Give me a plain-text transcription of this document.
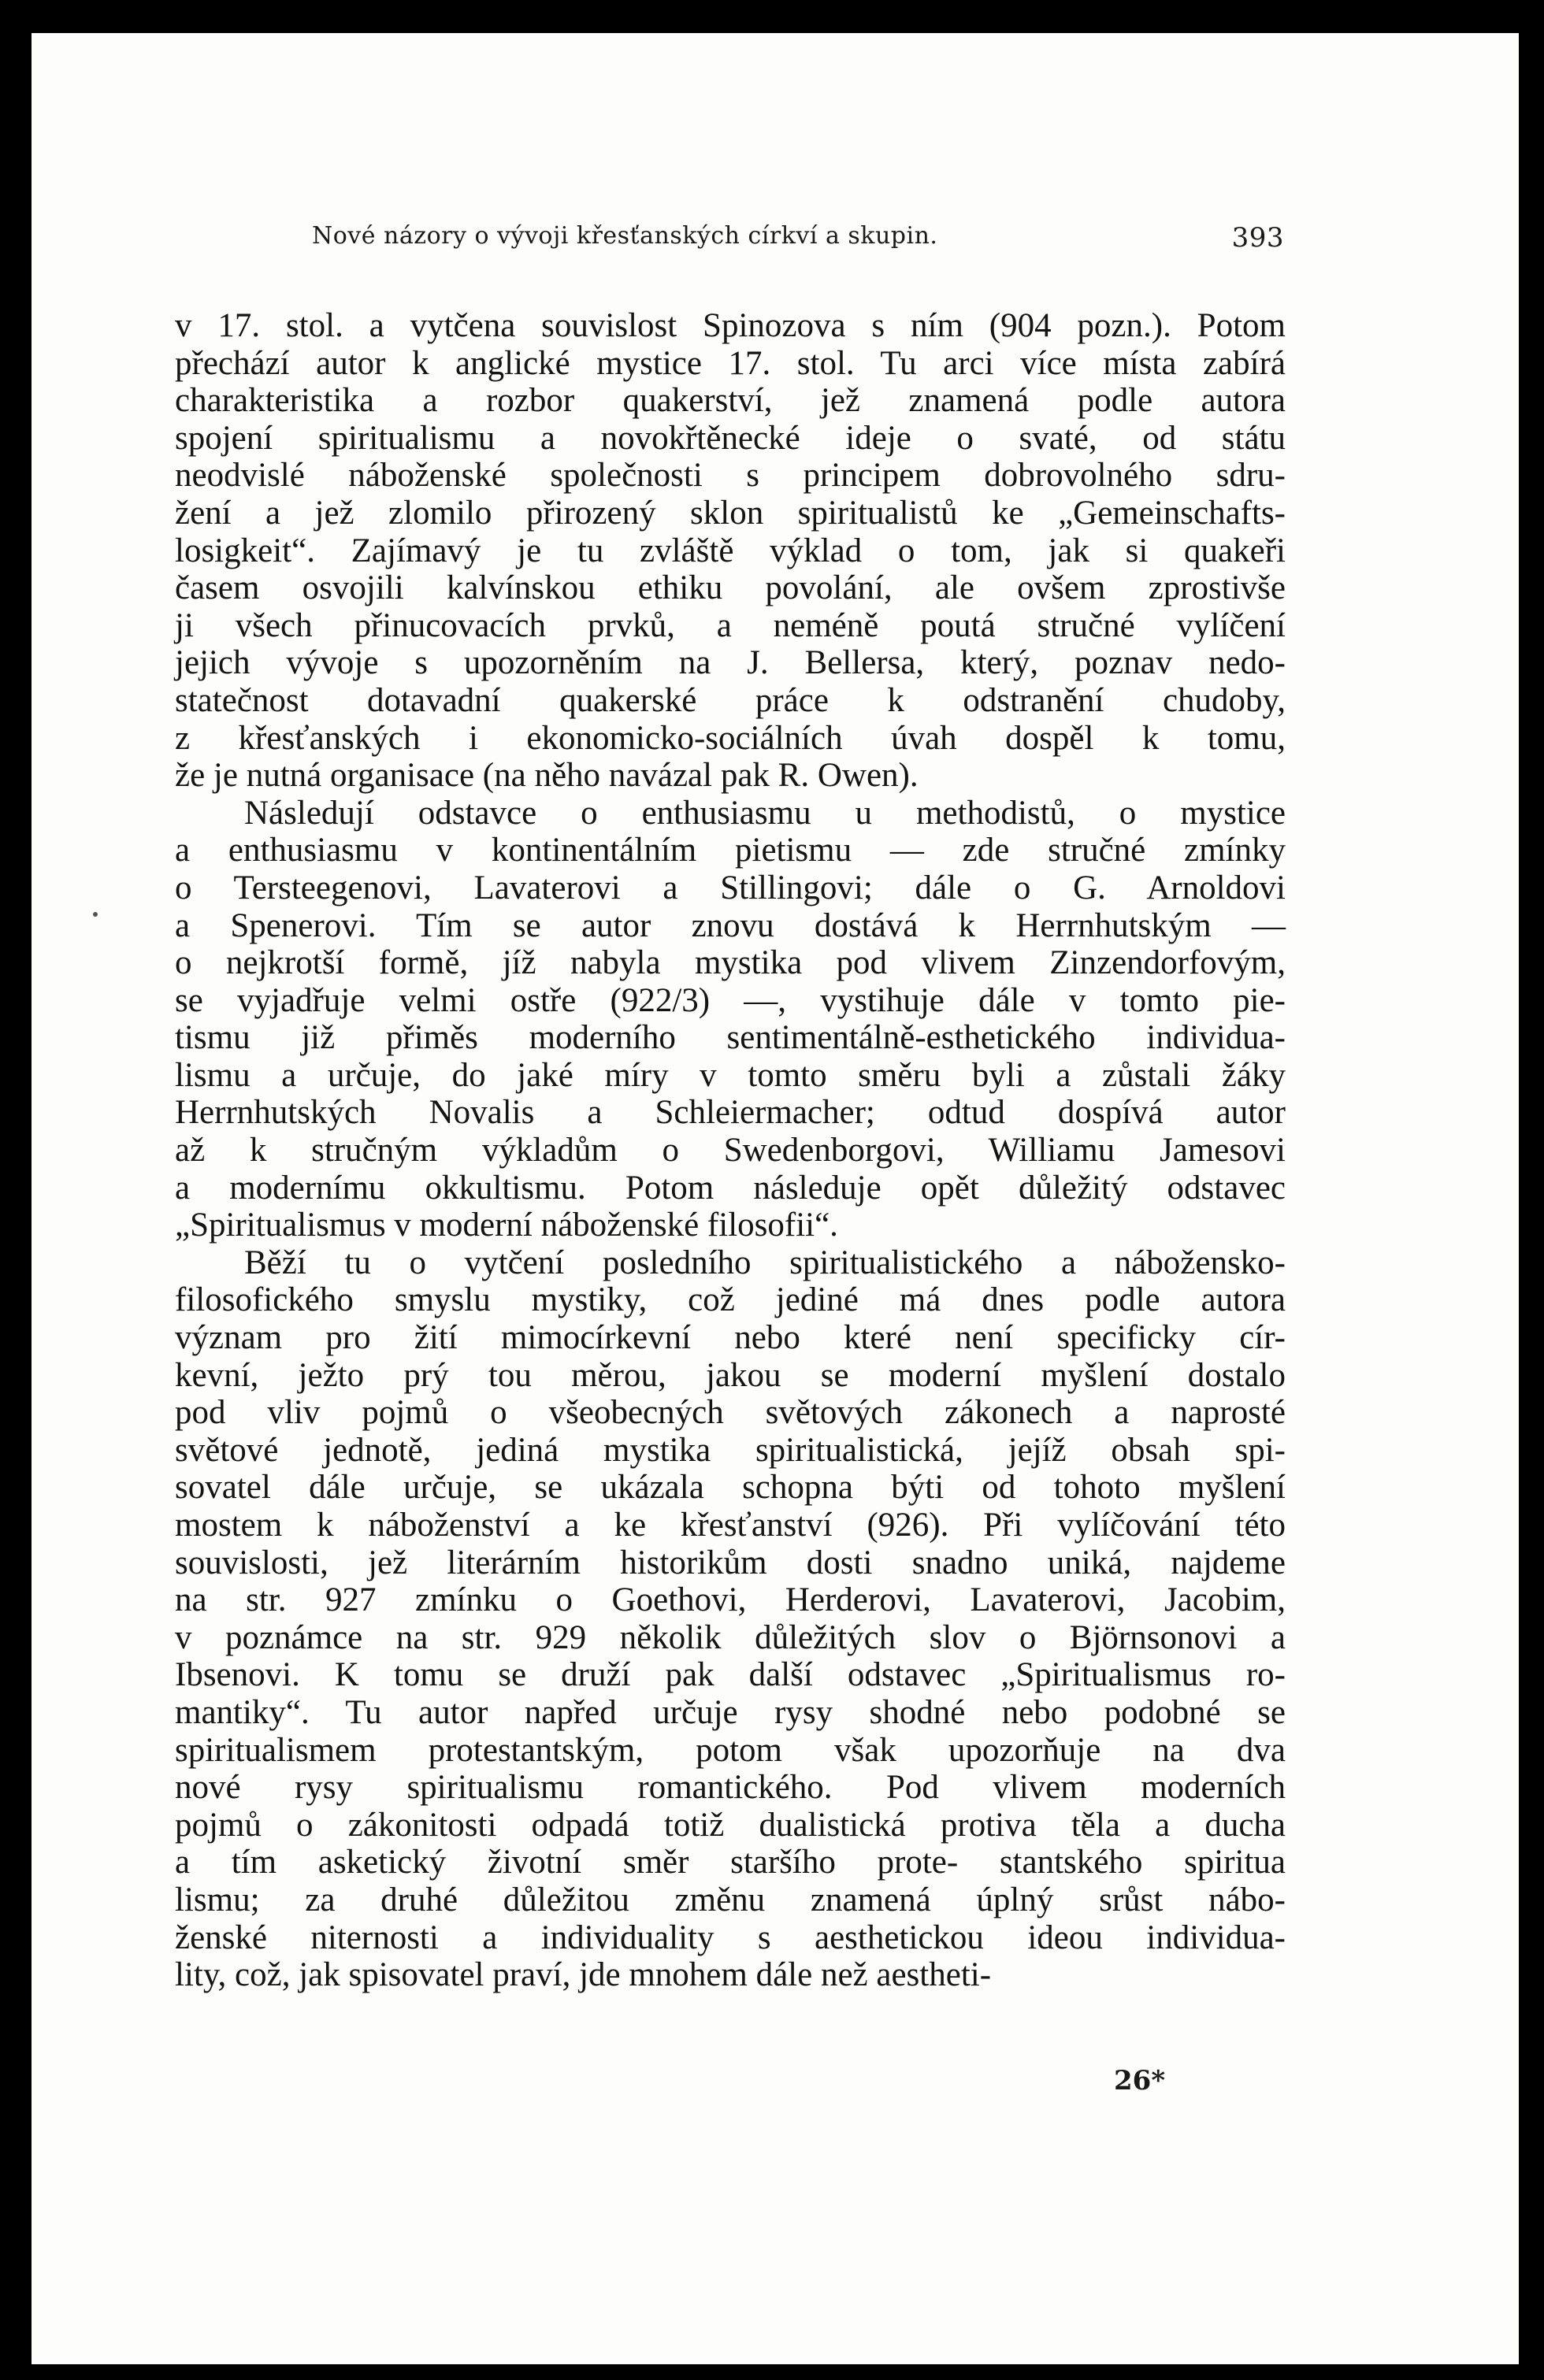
Nové názory o vývoji křesťanských církví a skupin.	393
v 17. stol. a vytčena souvislost Spinozova s ním (904 pozn.). Potom
přechází autor k anglické mystice 17. stol. Tu arci více místa zabírá
charakteristika a rozbor quakerství, jež znamená podle autora
spojení spiritualismu a novokřtěnecké ideje o svaté, od státu
neodvislé náboženské společnosti s principem dobrovolného sdru-
žení a jež zlomilo přirozený sklon spiritualistů ke „Gemeinschafts-
losigkeit“. Zajímavý je tu zvláště výklad o tom, jak si quakeři
časem osvojili kalvínskou ethiku povolání, ale ovšem zprostivše
ji všech přinucovacích prvků, a neméně poutá stručné vylíčení
jejich vývoje s upozorněním na J. Bellersa, který, poznav nedo-
statečnost dotavadní quakerské práce k odstranění chudoby,
z křesťanských i ekonomicko-sociálních úvah dospěl k tomu,
že je nutná organisace (na něho navázal pak R. Owen).
Následují odstavce o enthusiasmu u methodistů, o mystice
a enthusiasmu v kontinentálním pietismu — zde stručné zmínky
o Tersteegenovi, Lavaterovi a Stillingovi; dále o G. Arnoldovi
a Spenerovi. Tím se autor znovu dostává k Herrnhutským —
o nejkrotší formě, jíž nabyla mystika pod vlivem Zinzendorfovým,
se vyjadřuje velmi ostře (922/3) —, vystihuje dále v tomto pie-
tismu již přiměs moderního sentimentálně-esthetického individua-
lismu a určuje, do jaké míry v tomto směru byli a zůstali žáky
Herrnhutských Novalis a Schleiermacher; odtud dospívá autor
až k stručným výkladům o Swedenborgovi, Williamu Jamesovi
a modernímu okkultismu. Potom následuje opět důležitý odstavec
„Spiritualismus v moderní náboženské filosofii“.
Běží tu o vytčení posledního spiritualistického a nábožensko-
filosofického smyslu mystiky, což jediné má dnes podle autora
význam pro žití mimocírkevní nebo které není specificky cír-
kevní, ježto prý tou měrou, jakou se moderní myšlení dostalo
pod vliv pojmů o všeobecných světových zákonech a naprosté
světové jednotě, jediná mystika spiritualistická, jejíž obsah spi-
sovatel dále určuje, se ukázala schopna býti od tohoto myšlení
mostem k náboženství a ke křesťanství (926). Při vylíčování této
souvislosti, jež literárním historikům dosti snadno uniká, najdeme
na str. 927 zmínku o Goethovi, Herderovi, Lavaterovi, Jacobim,
v poznámce na str. 929 několik důležitých slov o Björnsonovi a
Ibsenovi. K tomu se druží pak další odstavec „Spiritualismus ro-
mantiky“. Tu autor napřed určuje rysy shodné nebo podobné se
spiritualismem protestantským, potom však upozorňuje na dva
nové rysy spiritualismu romantického. Pod vlivem moderních
pojmů o zákonitosti odpadá totiž dualistická protiva těla a ducha
a tím asketický životní směr staršího prote- stantského spiritua
lismu; za druhé důležitou změnu znamená úplný srůst nábo-
ženské niternosti a individuality s aesthetickou ideou individua-
lity, což, jak spisovatel praví, jde mnohem dále než aestheti-
26*
